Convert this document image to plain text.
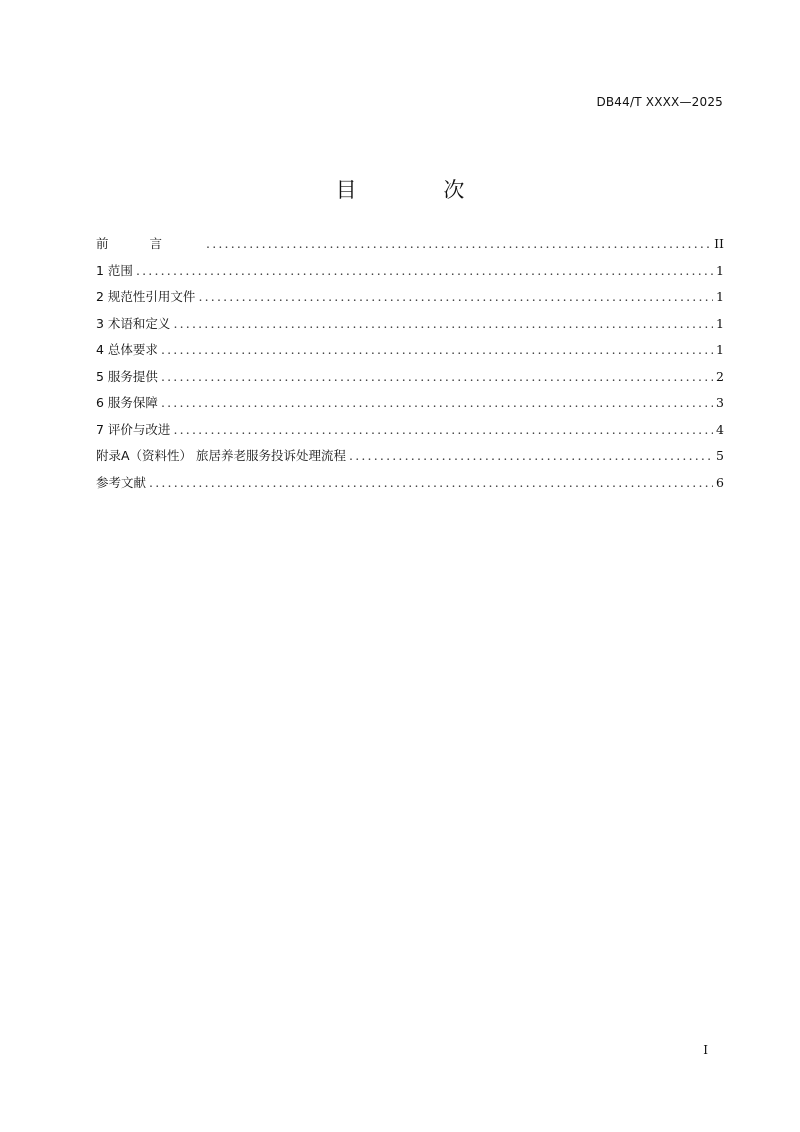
DB44/T XXXX—2025
目 次
前言 .....	II
1 范围 .....	1
2 规范性引用文件 .....	1
3 术语和定义 .....	1
4 总体要求 .....	1
5 服务提供 .....	2
6 服务保障 .....	3
7 评价与改进 .....	4
附录A（资料性） 旅居养老服务投诉处理流程 .....	5
参考文献 .....	6
I
